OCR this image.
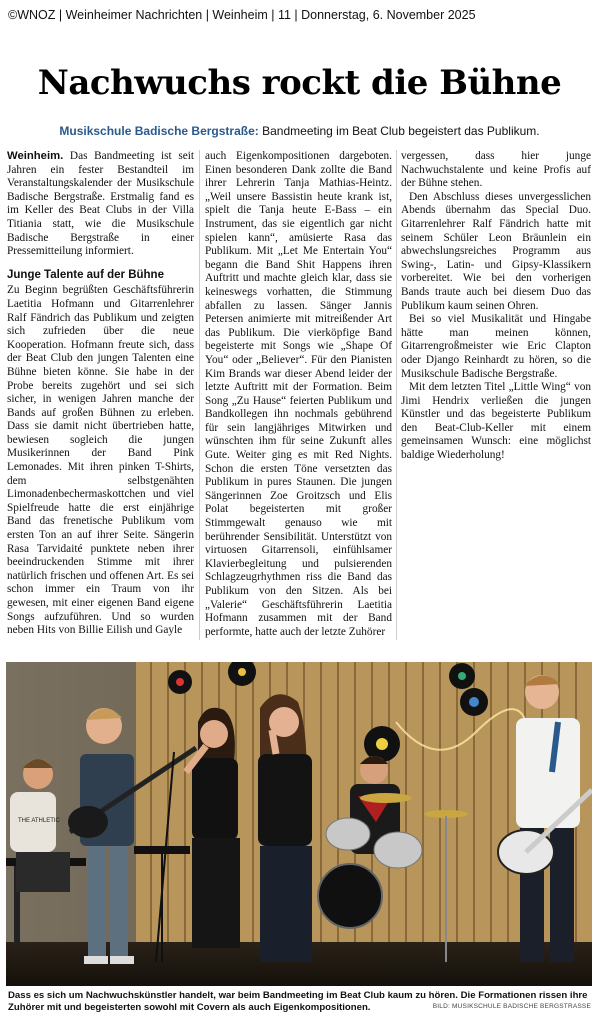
©WNOZ | Weinheimer Nachrichten | Weinheim | 11 | Donnerstag, 6. November 2025
Nachwuchs rockt die Bühne
Musikschule Badische Bergstraße: Bandmeeting im Beat Club begeistert das Publikum.

Weinheim. Das Bandmeeting ist seit Jahren ein fester Bestandteil im Veranstaltungskalender der Musikschule Badische Bergstraße. Erstmalig fand es im Keller des Beat Clubs in der Villa Titiania statt, wie die Musikschule Badische Bergstraße in einer Pressemitteilung informiert.

Junge Talente auf der Bühne

Zu Beginn begrüßten Geschäftsführerin Laetitia Hofmann und Gitarrenlehrer Ralf Fändrich das Publikum und zeigten sich zufrieden über die neue Kooperation. Hofmann freute sich, dass der Beat Club den jungen Talenten eine Bühne bieten könne. Sie habe in der Probe bereits zugehört und sei sich sicher, in wenigen Jahren manche der Bands auf großen Bühnen zu erleben. Dass sie damit nicht übertrieben hatte, bewiesen sogleich die jungen Musikerinnen der Band Pink Lemonades. Mit ihren pinken T-Shirts, dem	selbstgenähten Limonadenbechermaskottchen und viel Spielfreude hatte die erst einjährige Band das frenetische Publikum vom ersten Ton an auf ihrer Seite. Sängerin Rasa Tarvidaité punktete neben ihrer beeindruckenden Stimme mit ihrer natürlich frischen und offenen Art. Es sei schon immer ein Traum von ihr gewesen, mit einer eigenen Band eigene Songs aufzuführen. Und so wurden neben Hits von Billie Eilish und Gayle

auch Eigenkompositionen dargeboten. Einen besonderen Dank zollte die Band ihrer Lehrerin Tanja Mathias-Heintz. „Weil unsere Bassistin heute krank ist, spielt die Tanja heute E-Bass – ein Instrument, das sie eigentlich gar nicht spielen kann“, amüsierte Rasa das Publikum. Mit „Let Me Entertain You“ begann die Band Shit Happens ihren Auftritt und machte gleich klar, dass sie keineswegs vorhatten, die Stimmung abfallen zu lassen. Sänger Jannis Petersen animierte mit mitreißender Art das Publikum. Die vierköpfige Band begeisterte mit Songs wie „Shape Of You“ oder „Believer“. Für den Pianisten Kim Brands war dieser Abend leider der letzte Auftritt mit der Formation. Beim Song „Zu Hause“ feierten Publikum und Bandkollegen ihn nochmals gebührend für sein langjähriges Mitwirken und wünschten ihm für seine Zukunft alles Gute. Weiter ging es mit Red Nights. Schon die ersten Töne versetzten das Publikum in pures Staunen. Die jungen Sängerinnen Zoe Groitzsch und Elis Polat begeisterten mit großer Stimmgewalt genauso wie mit berührender Sensibilität. Unterstützt von virtuosen Gitarrensoli, einfühlsamer Klavierbegleitung und pulsierenden Schlagzeugrhythmen riss die Band das Publikum von den Sitzen. Als bei „Valerie“ Geschäftsführerin Laetitia Hofmann zusammen mit der Band performte, hatte auch der letzte Zuhörer

vergessen, dass hier junge Nachwuchstalente und keine Profis auf der Bühne stehen.

Den Abschluss dieses unvergesslichen Abends übernahm das Special Duo. Gitarrenlehrer Ralf Fändrich hatte mit seinem Schüler Leon Bräunlein ein abwechslungsreiches Programm aus Swing-, Latin- und Gipsy-Klassikern vorbereitet. Wie bei den vorherigen Bands traute auch bei diesem Duo das Publikum kaum seinen Ohren.

Bei so viel Musikalität und Hingabe hätte man meinen können, Gitarrengroßmeister wie Eric Clapton oder Django Reinhardt zu hören, so die Musikschule Badische Bergstraße.

Mit dem letzten Titel „Little Wing“ von Jimi Hendrix verließen die jungen Künstler und das begeisterte Publikum den Beat-Club-Keller mit einem gemeinsamen Wunsch: eine möglichst baldige Wiederholung!

THE ATHLETIC
Dass es sich um Nachwuchskünstler handelt, war beim Bandmeeting im Beat Club kaum zu hören. Die Formationen rissen ihre Zuhörer mit und begeisterten sowohl mit Covern als auch Eigenkompositionen.	BILD: MUSIKSCHULE BADISCHE BERGSTRASSE
